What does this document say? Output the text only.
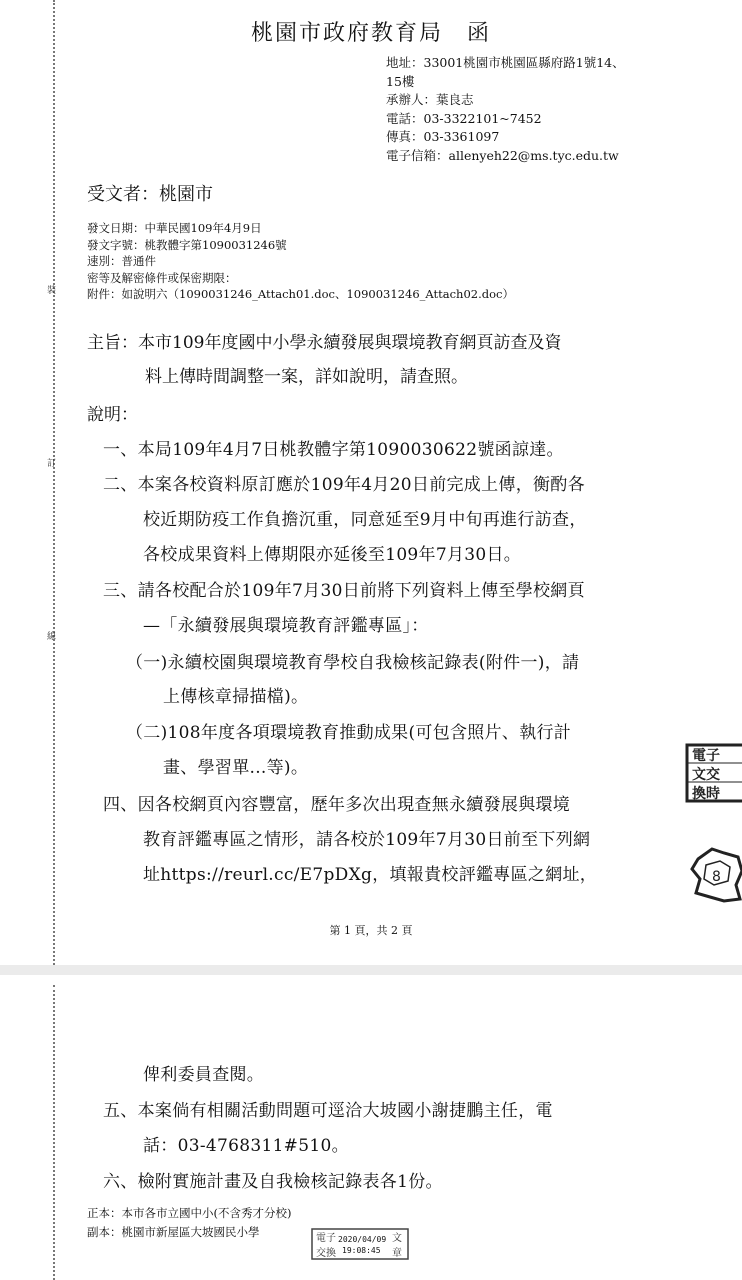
裝
訂
線
桃園市政府教育局　函
地址：33001桃園市桃園區縣府路1號14、
15樓
承辦人：葉良志
電話：03-3322101~7452
傳真：03-3361097
電子信箱：allenyeh22@ms.tyc.edu.tw
受文者：桃園市
發文日期：中華民國109年4月9日
發文字號：桃教體字第1090031246號
速別：普通件
密等及解密條件或保密期限：
附件：如說明六（1090031246_Attach01.doc、1090031246_Attach02.doc）
主旨：本市109年度國中小學永續發展與環境教育網頁訪查及資
料上傳時間調整一案，詳如說明，請查照。
說明：
一、本局109年4月7日桃教體字第1090030622號函諒達。
二、本案各校資料原訂應於109年4月20日前完成上傳，衡酌各
校近期防疫工作負擔沉重，同意延至9月中旬再進行訪查，
各校成果資料上傳期限亦延後至109年7月30日。
三、請各校配合於109年7月30日前將下列資料上傳至學校網頁
—「永續發展與環境教育評鑑專區」：
（一)永續校園與環境教育學校自我檢核記錄表(附件一)，請
上傳核章掃描檔)。
（二)108年度各項環境教育推動成果(可包含照片、執行計
畫、學習單...等)。
四、因各校網頁內容豐富，歷年多次出現查無永續發展與環境
教育評鑑專區之情形，請各校於109年7月30日前至下列網
址https://reurl.cc/E7pDXg，填報貴校評鑑專區之網址，
第 1 頁，共 2 頁
電子
文交
換時
8
俾利委員查閱。
五、本案倘有相關活動問題可逕洽大坡國小謝捷鵬主任，電
話：03-4768311#510。
六、檢附實施計畫及自我檢核記錄表各1份。
正本：本市各市立國中小(不含秀才分校)
副本：桃園市新屋區大坡國民小學	電子
交換
文
章
2020/04/09
19:08:45
